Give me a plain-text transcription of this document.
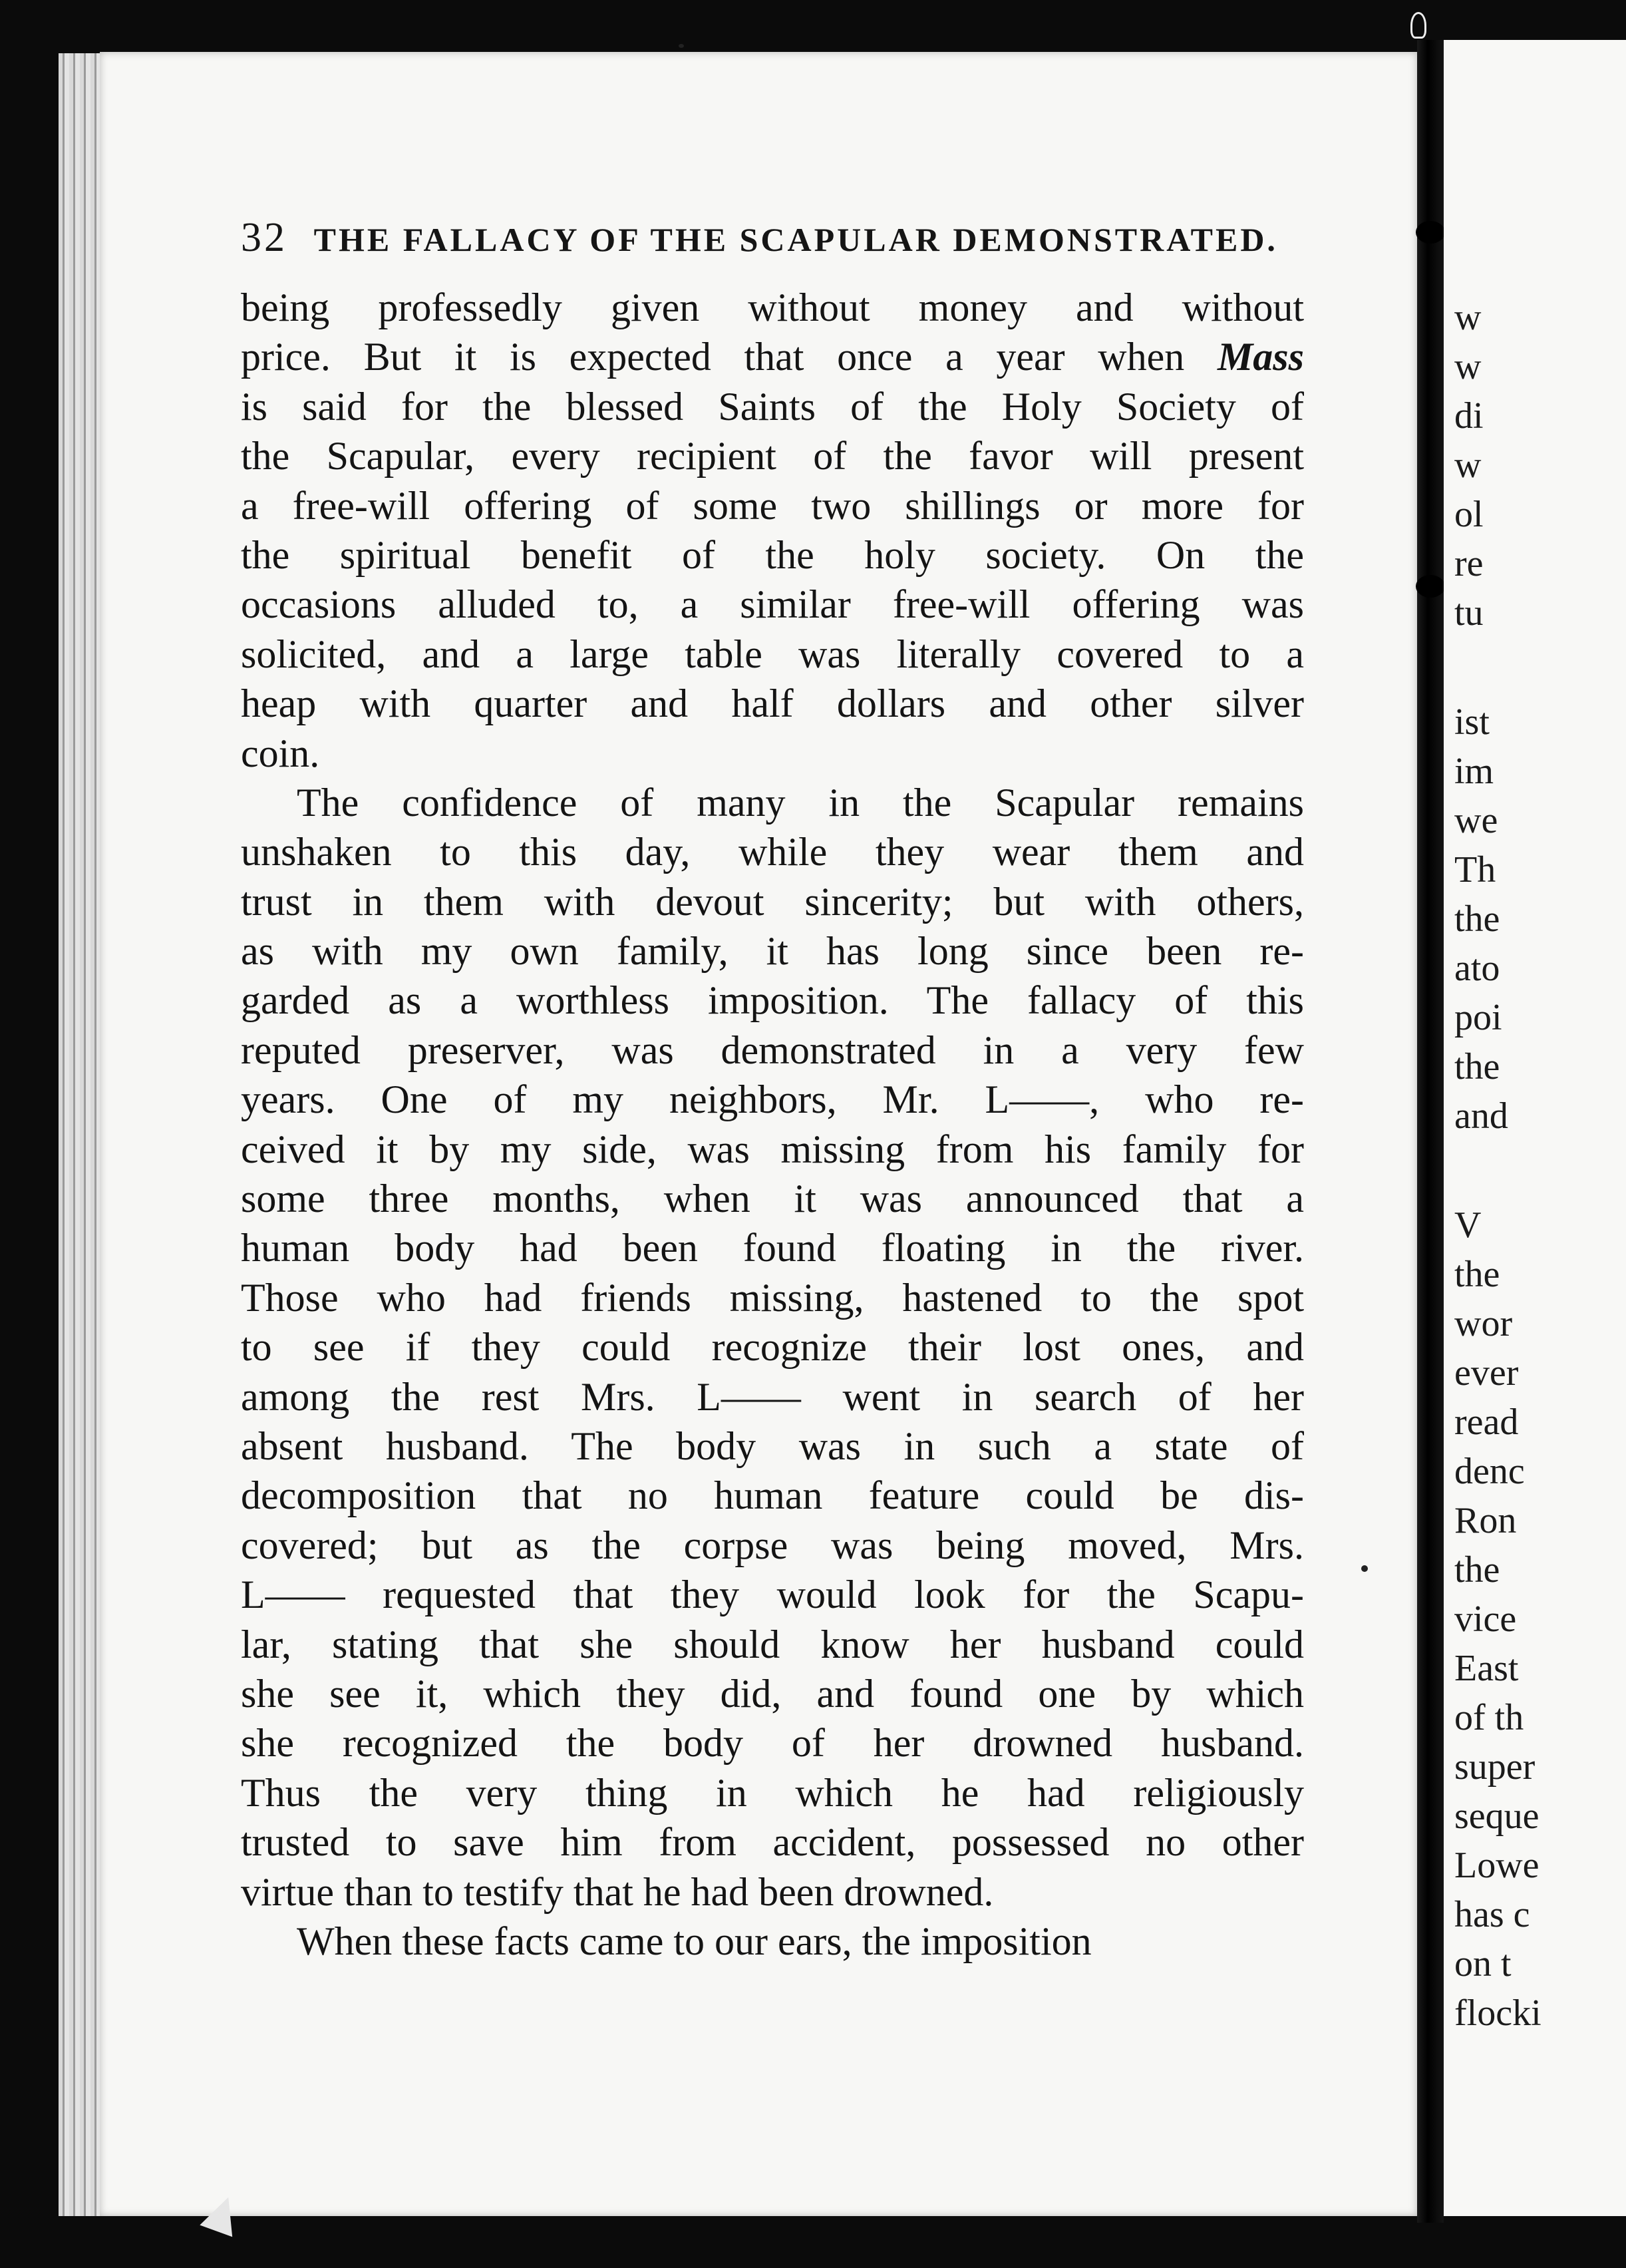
32 THE FALLACY OF THE SCAPULAR DEMONSTRATED.
being professedly given without money and without
price. But it is expected that once a year when Mass
is said for the blessed Saints of the Holy Society of
the Scapular, every recipient of the favor will present
a free-will offering of some two shillings or more for
the spiritual benefit of the holy society. On the
occasions alluded to, a similar free-will offering was
solicited, and a large table was literally covered to a
heap with quarter and half dollars and other silver
coin.
The confidence of many in the Scapular remains
unshaken to this day, while they wear them and
trust in them with devout sincerity; but with others,
as with my own family, it has long since been re-
garded as a worthless imposition. The fallacy of this
reputed preserver, was demonstrated in a very few
years. One of my neighbors, Mr. L——, who re-
ceived it by my side, was missing from his family for
some three months, when it was announced that a
human body had been found floating in the river.
Those who had friends missing, hastened to the spot
to see if they could recognize their lost ones, and
among the rest Mrs. L—— went in search of her
absent husband. The body was in such a state of
decomposition that no human feature could be dis-
covered; but as the corpse was being moved, Mrs.
L—— requested that they would look for the Scapu-
lar, stating that she should know her husband could
she see it, which they did, and found one by which
she recognized the body of her drowned husband.
Thus the very thing in which he had religiously
trusted to save him from accident, possessed no other
virtue than to testify that he had been drowned.
When these facts came to our ears, the imposition
w
w
di
w
ol
re
tu
ist
im
we
Th
the
ato
poi
the
and
V
the
wor
ever
read
denc
Ron
the
vice
East
of th
super
seque
Lowe
has c
on t
flocki
